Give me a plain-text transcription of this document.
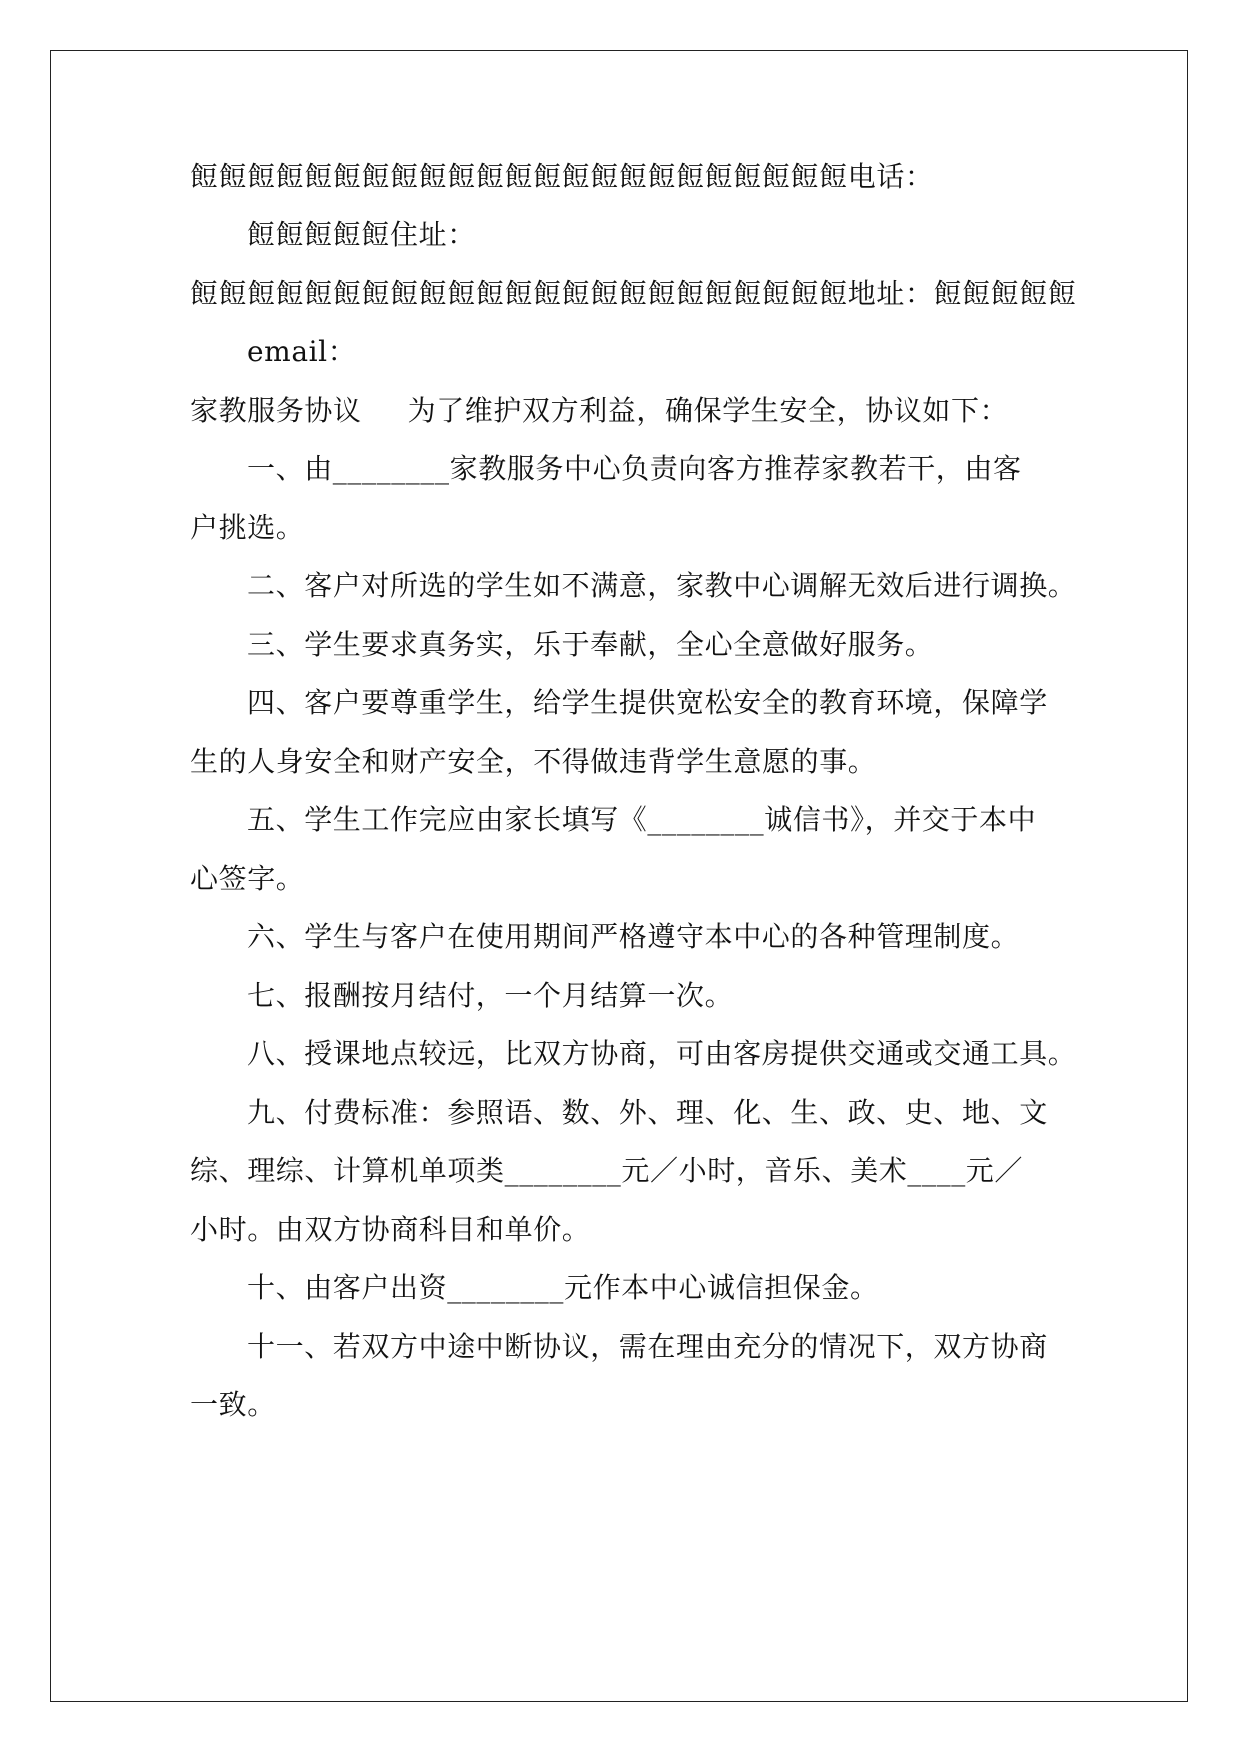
餖餖餖餖餖餖餖餖餖餖餖餖餖餖餖餖餖餖餖餖餖餖餖电话：
餖餖餖餖餖住址：
餖餖餖餖餖餖餖餖餖餖餖餖餖餖餖餖餖餖餖餖餖餖餖地址：餖餖餖餖餖
email：
家教服务协议 为了维护双方利益，确保学生安全，协议如下：
一、由________家教服务中心负责向客方推荐家教若干，由客
户挑选。
二、客户对所选的学生如不满意，家教中心调解无效后进行调换。
三、学生要求真务实，乐于奉献，全心全意做好服务。
四、客户要尊重学生，给学生提供宽松安全的教育环境，保障学
生的人身安全和财产安全，不得做违背学生意愿的事。
五、学生工作完应由家长填写《________诚信书》，并交于本中
心签字。
六、学生与客户在使用期间严格遵守本中心的各种管理制度。
七、报酬按月结付，一个月结算一次。
八、授课地点较远，比双方协商，可由客房提供交通或交通工具。
九、付费标准：参照语、数、外、理、化、生、政、史、地、文
综、理综、计算机单项类________元／小时，音乐、美术____元／
小时。由双方协商科目和单价。
十、由客户出资________元作本中心诚信担保金。
十一、若双方中途中断协议，需在理由充分的情况下，双方协商
一致。
